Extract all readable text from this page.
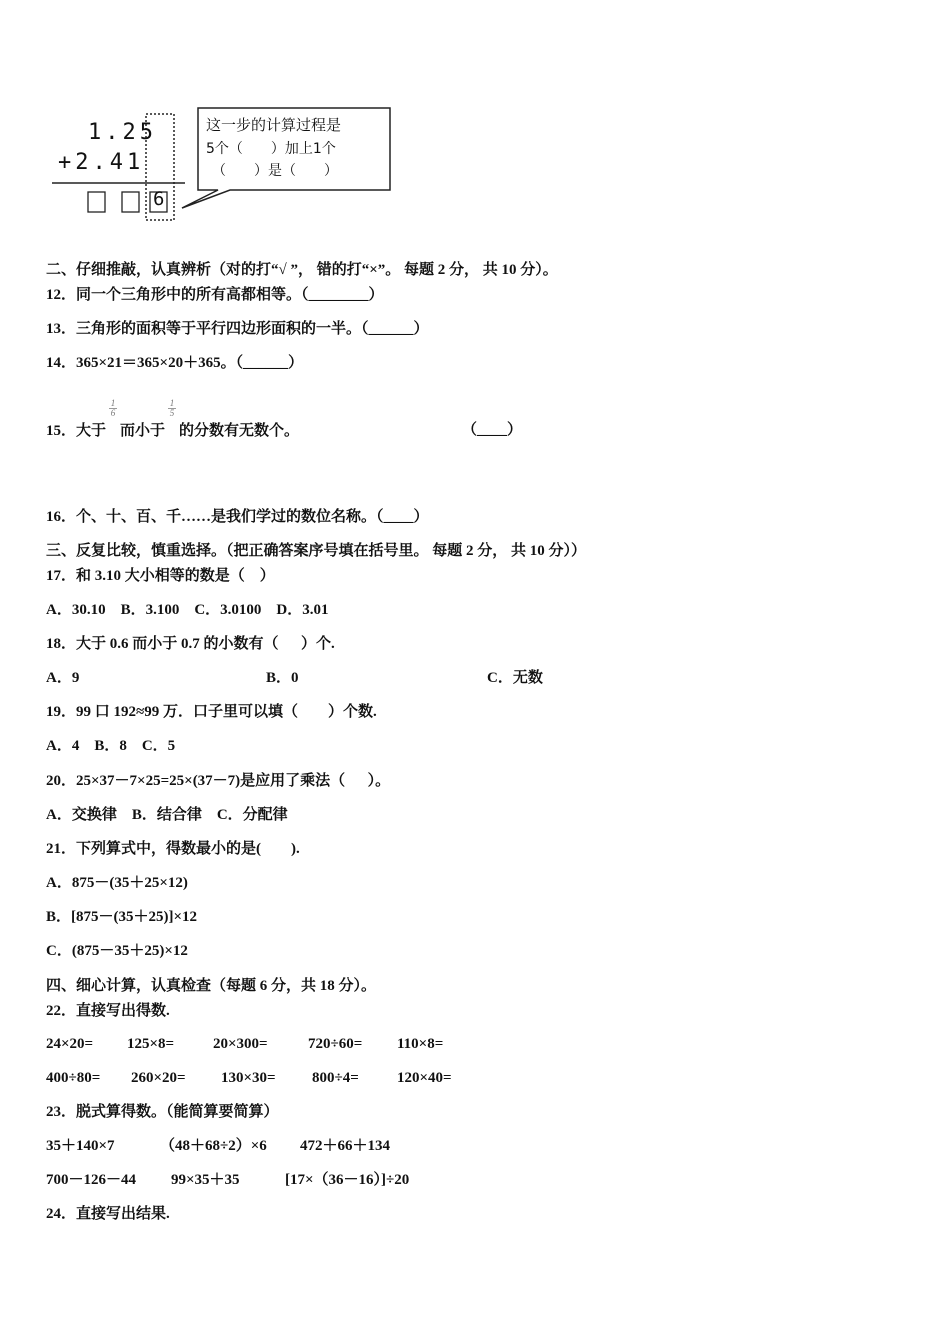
1.25
+2.41
6
这一步的计算过程是
5个（　　）加上1个
（　　）是（　　）
二、仔细推敲，认真辨析（对的打“√ ”， 错的打“×”。 每题 2 分， 共 10 分）。
12．同一个三角形中的所有高都相等。（________）
13．三角形的面积等于平行四边形面积的一半。（______）
14．365×21＝365×20＋365。（______）
15．大于
$\frac{1}{6}$
而小于
$\frac{1}{5}$
的分数有无数个。	（____）
16．个、十、百、千……是我们学过的数位名称。（____）
三、反复比较，慎重选择。（把正确答案序号填在括号里。 每题 2 分， 共 10 分））
17．和 3.10 大小相等的数是（    ）
A．30.10    B．3.100    C．3.0100    D．3.01
18．大于 0.6 而小于 0.7 的小数有（      ）个.
A．9	B．0	C．无数
19．99 口 192≈99 万．口子里可以填（        ）个数.
A．4    B．8    C．5
20．25×37－7×25=25×(37－7)是应用了乘法（      ）。
A．交换律    B．结合律    C．分配律
21．下列算式中，得数最小的是(        ).
A．875－(35＋25×12)
B．[875－(35＋25)]×12
C．(875－35＋25)×12
四、细心计算，认真检查（每题 6 分，共 18 分）。
22．直接写出得数.
24×20=	125×8=	20×300=	720÷60=	110×8=
400÷80=	260×20=	130×30=	800÷4=	120×40=
23．脱式算得数。（能简算要简算）
35＋140×7	（48＋68÷2）×6	472＋66＋134
700－126－44	99×35＋35	[17×（36－16）]÷20
24．直接写出结果.
